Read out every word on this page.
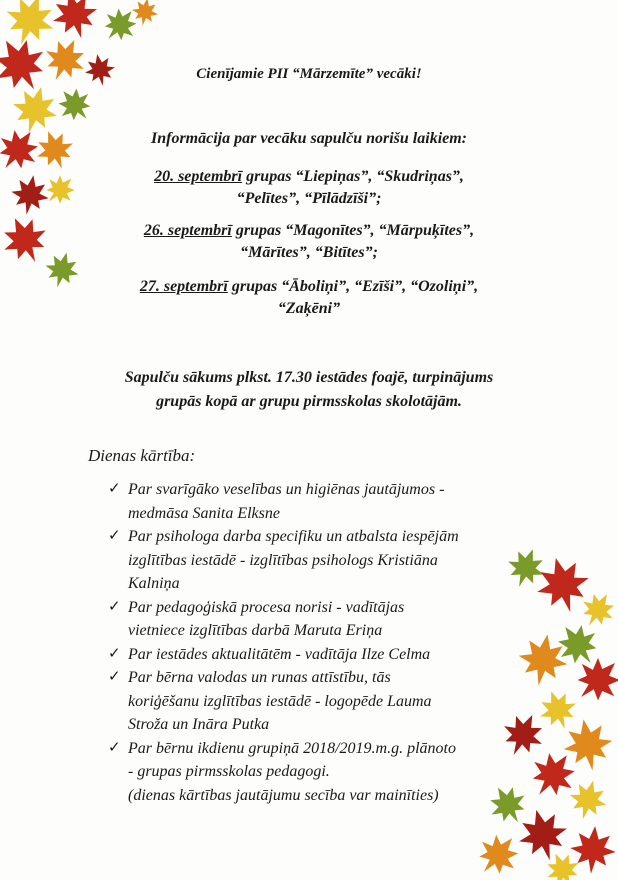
Cienījamie PII “Mārzemīte” vecāki!
Informācija par vecāku sapulču norišu laikiem:
20. septembrī grupas “Liepiņas”, “Skudriņas”,
“Pelītes”, “Pīlādzīši”;
26. septembrī grupas “Magonītes”, “Mārpuķītes”,
“Mārītes”, “Bitītes”;
27. septembrī grupas “Āboliņi”, “Ezīši”, “Ozoliņi”,
“Zaķēni”
Sapulču sākums plkst. 17.30 iestādes foajē, turpinājums
grupās kopā ar grupu pirmsskolas skolotājām.
Dienas kārtība:
✓ Par svarīgāko veselības un higiēnas jautājumos -
medmāsa Sanita Elksne
✓ Par psihologa darba specifiku un atbalsta iespējām
izglītības iestādē - izglītības psihologs Kristiāna
Kalniņa
✓ Par pedagoģiskā procesa norisi - vadītājas
vietniece izglītības darbā Maruta Eriņa
✓ Par iestādes aktualitātēm - vadītāja Ilze Celma
✓ Par bērna valodas un runas attīstību, tās
koriģēšanu izglītības iestādē - logopēde Lauma
Stroža un Ināra Putka
✓ Par bērnu ikdienu grupiņā 2018/2019.m.g. plānoto
- grupas pirmsskolas pedagogi.
(dienas kārtības jautājumu secība var mainīties)
